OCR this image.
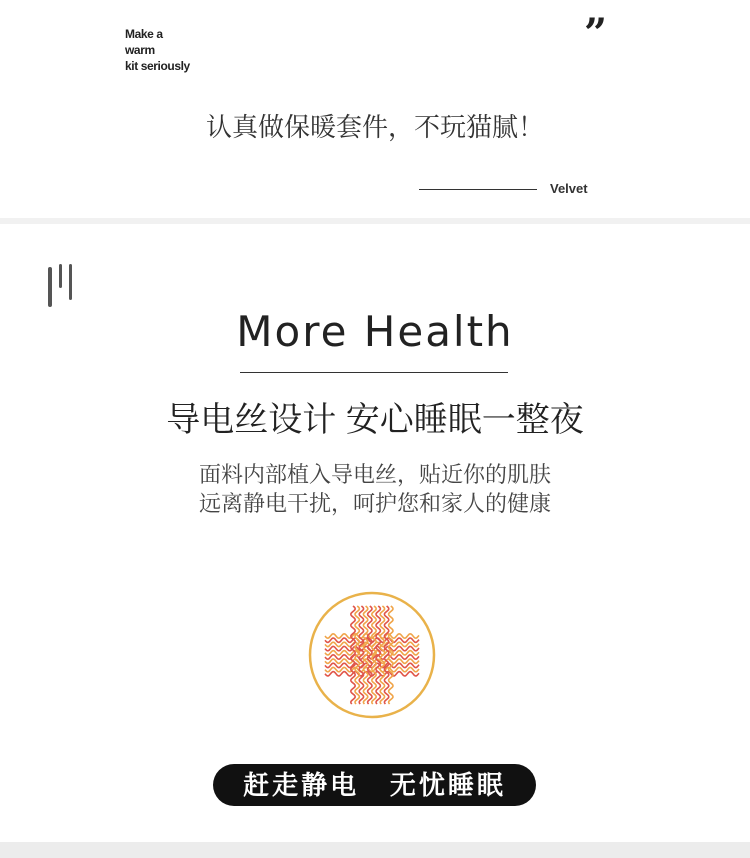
Make a
warm
kit seriously
”
认真做保暖套件，不玩猫腻！
Velvet
More Health
导电丝设计 安心睡眠一整夜
面料内部植入导电丝，贴近你的肌肤
远离静电干扰，呵护您和家人的健康
赶走静电   无忧睡眠
